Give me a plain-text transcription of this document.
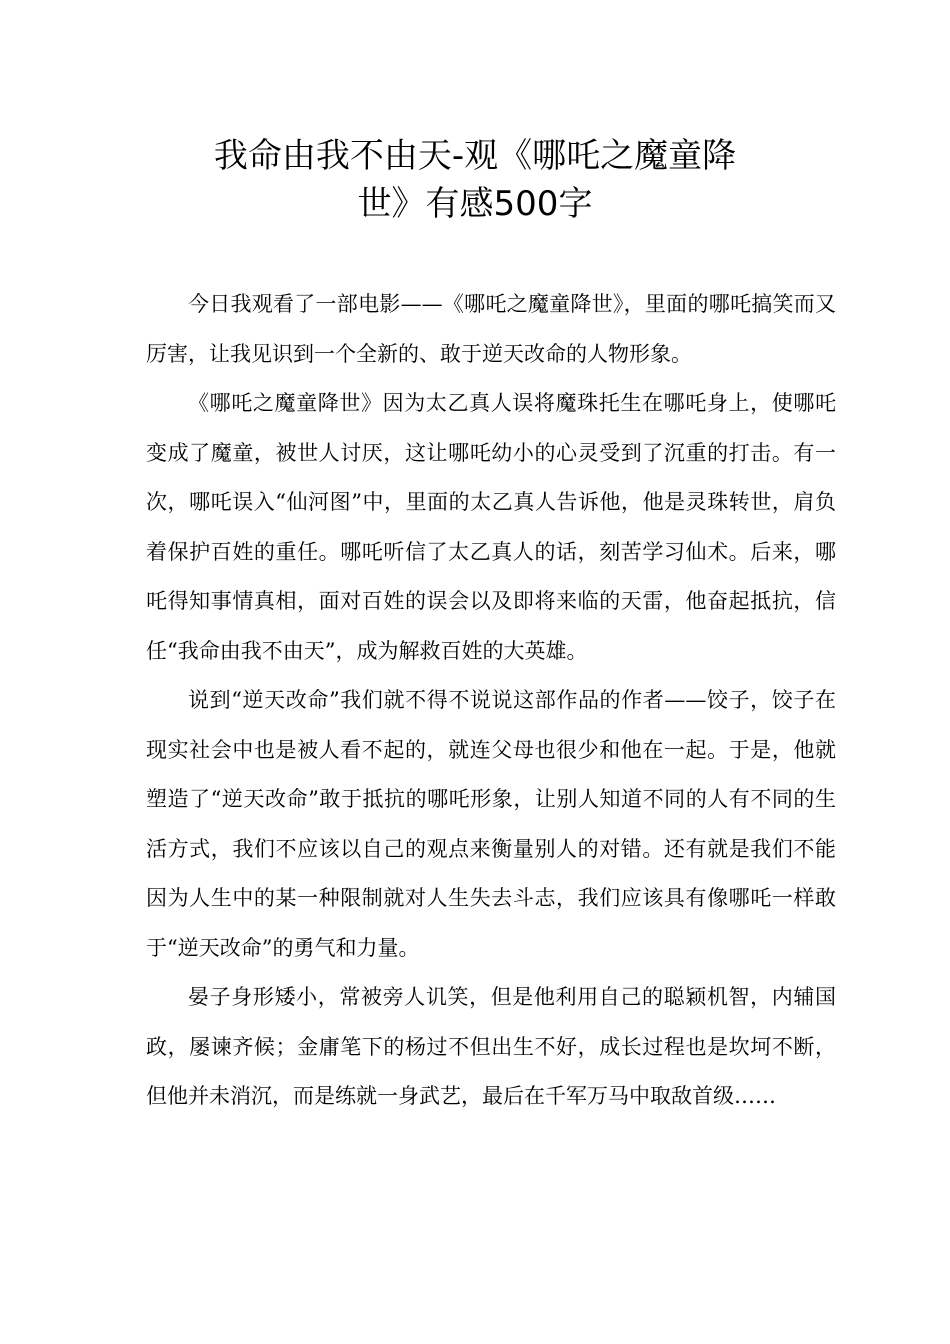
我命由我不由天-观《哪吒之魔童降
世》有感500字

今日我观看了一部电影——《哪吒之魔童降世》，里面的哪吒搞笑而又厉害，让我见识到一个全新的、敢于逆天改命的人物形象。

《哪吒之魔童降世》因为太乙真人误将魔珠托生在哪吒身上，使哪吒变成了魔童，被世人讨厌，这让哪吒幼小的心灵受到了沉重的打击。有一次，哪吒误入“仙河图”中，里面的太乙真人告诉他，他是灵珠转世，肩负着保护百姓的重任。哪吒听信了太乙真人的话，刻苦学习仙术。后来，哪吒得知事情真相，面对百姓的误会以及即将来临的天雷，他奋起抵抗，信任“我命由我不由天”，成为解救百姓的大英雄。

说到“逆天改命”我们就不得不说说这部作品的作者——饺子，饺子在现实社会中也是被人看不起的，就连父母也很少和他在一起。于是，他就塑造了“逆天改命”敢于抵抗的哪吒形象，让别人知道不同的人有不同的生活方式，我们不应该以自己的观点来衡量别人的对错。还有就是我们不能因为人生中的某一种限制就对人生失去斗志，我们应该具有像哪吒一样敢于“逆天改命”的勇气和力量。

晏子身形矮小，常被旁人讥笑，但是他利用自己的聪颖机智，内辅国政，屡谏齐候；金庸笔下的杨过不但出生不好，成长过程也是坎坷不断，但他并未消沉，而是练就一身武艺，最后在千军万马中取敌首级……
